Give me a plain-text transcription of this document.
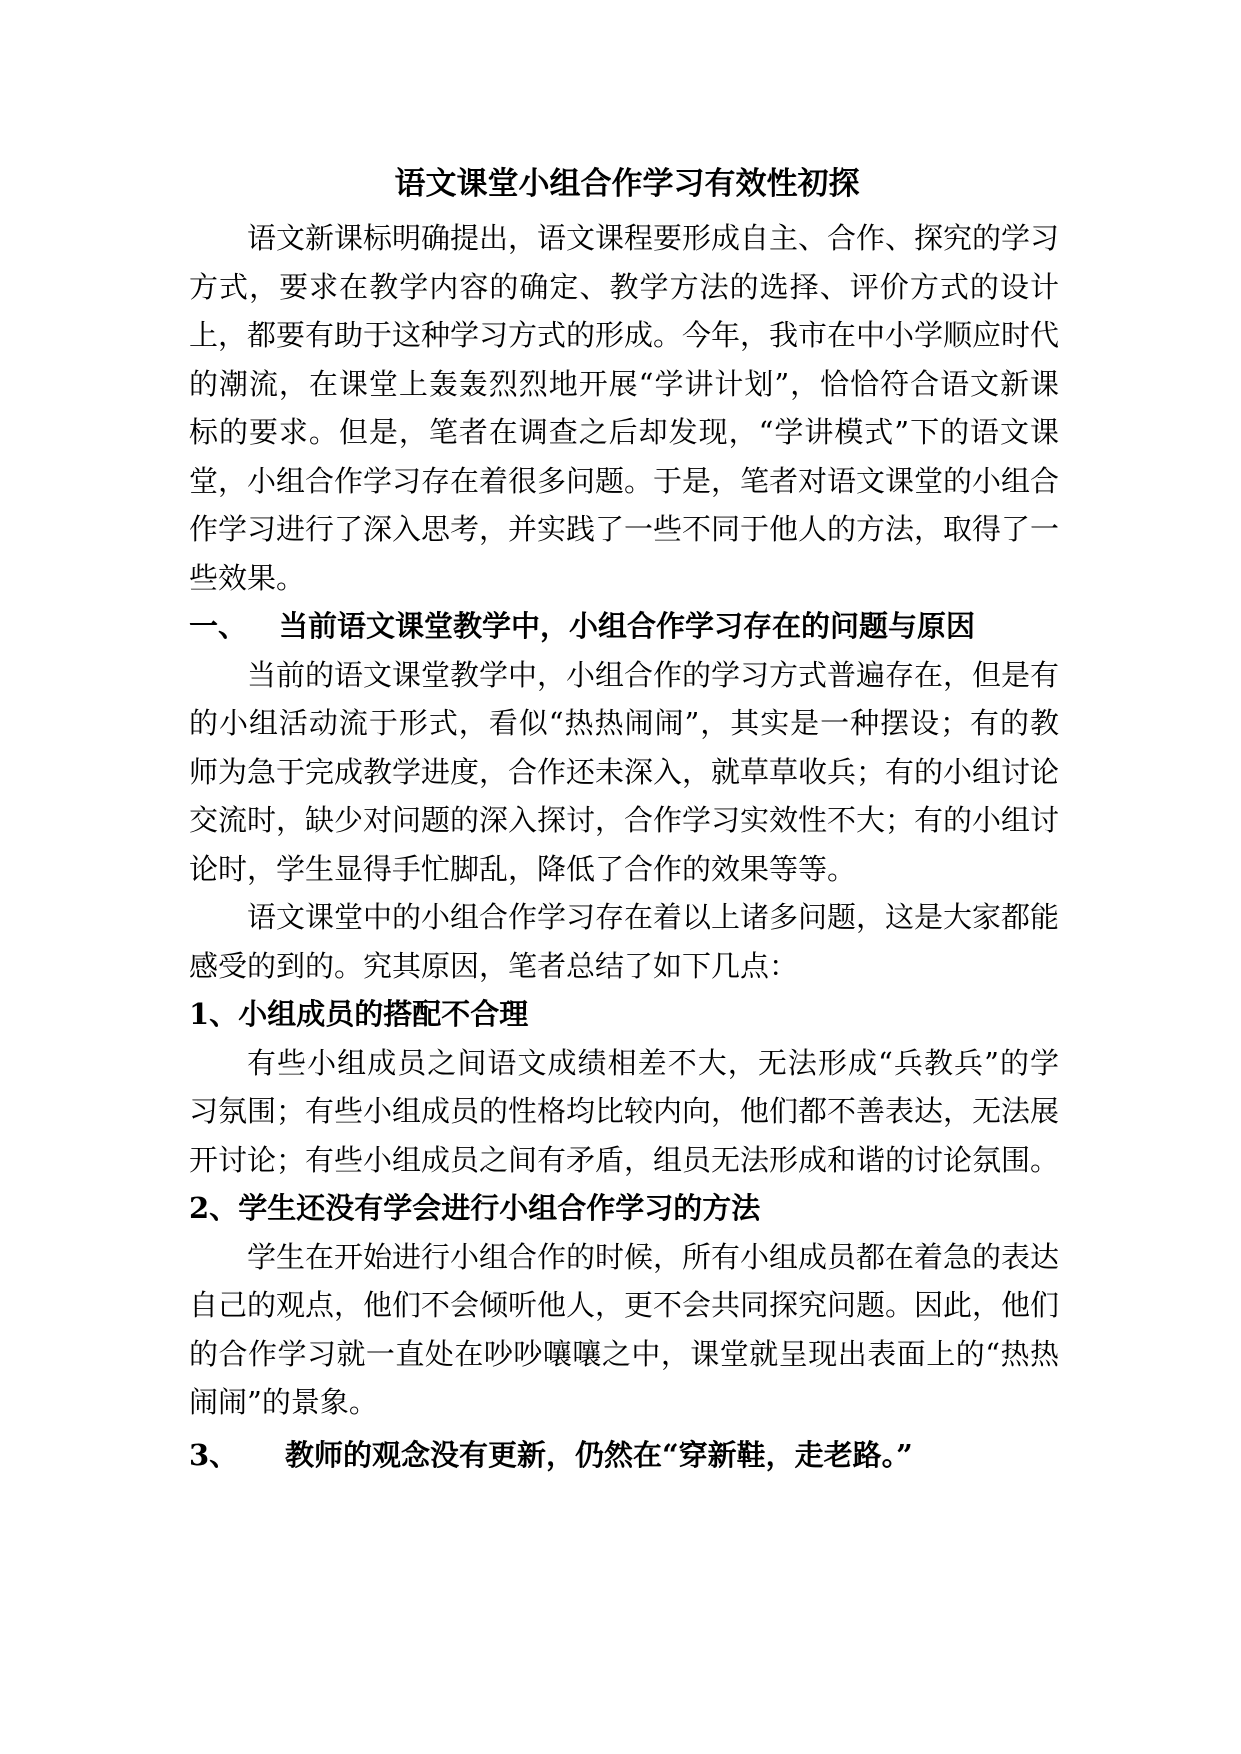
语文课堂小组合作学习有效性初探

语文新课标明确提出，语文课程要形成自主、合作、探究的学习方式，要求在教学内容的确定、教学方法的选择、评价方式的设计上，都要有助于这种学习方式的形成。今年，我市在中小学顺应时代的潮流，在课堂上轰轰烈烈地开展“学讲计划”，恰恰符合语文新课标的要求。但是，笔者在调查之后却发现，“学讲模式”下的语文课堂，小组合作学习存在着很多问题。于是，笔者对语文课堂的小组合作学习进行了深入思考，并实践了一些不同于他人的方法，取得了一些效果。

一、 当前语文课堂教学中，小组合作学习存在的问题与原因

当前的语文课堂教学中，小组合作的学习方式普遍存在，但是有的小组活动流于形式，看似“热热闹闹”，其实是一种摆设；有的教师为急于完成教学进度，合作还未深入，就草草收兵；有的小组讨论交流时，缺少对问题的深入探讨，合作学习实效性不大；有的小组讨论时，学生显得手忙脚乱，降低了合作的效果等等。

语文课堂中的小组合作学习存在着以上诸多问题，这是大家都能感受的到的。究其原因，笔者总结了如下几点：

1、小组成员的搭配不合理

有些小组成员之间语文成绩相差不大，无法形成“兵教兵”的学习氛围；有些小组成员的性格均比较内向，他们都不善表达，无法展开讨论；有些小组成员之间有矛盾，组员无法形成和谐的讨论氛围。

2、学生还没有学会进行小组合作学习的方法

学生在开始进行小组合作的时候，所有小组成员都在着急的表达自己的观点，他们不会倾听他人，更不会共同探究问题。因此，他们的合作学习就一直处在吵吵嚷嚷之中，课堂就呈现出表面上的“热热闹闹”的景象。

3、 教师的观念没有更新，仍然在“穿新鞋，走老路。”
